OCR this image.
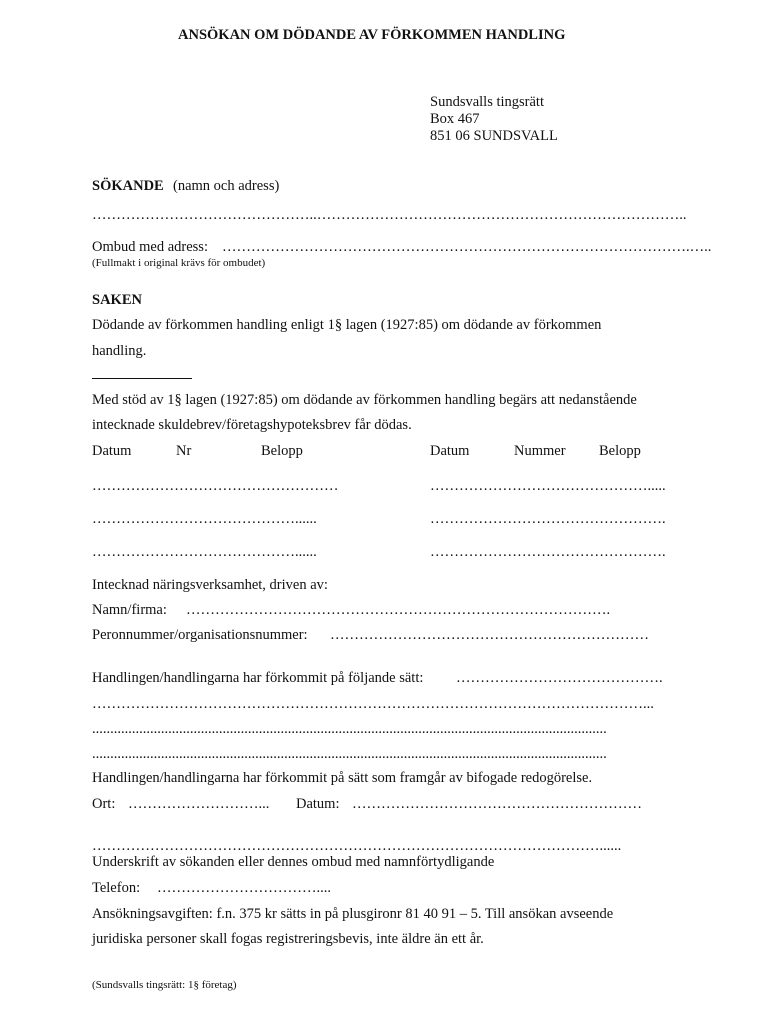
ANSÖKAN OM DÖDANDE AV FÖRKOMMEN HANDLING
Sundsvalls tingsrätt
Box 467
851 06 SUNDSVALL
SÖKANDE (namn och adress)
………………………………………..…………………………………………………………………..
Ombud med adress: …………………………………………………………………………………….…..
(Fullmakt i original krävs för ombudet)
SAKEN
Dödande av förkommen handling enligt 1§ lagen (1927:85) om dödande av förkommen
handling.
Med stöd av 1§ lagen (1927:85) om dödande av förkommen handling begärs att nedanstående
intecknade skuldebrev/företagshypoteksbrev får dödas.
Datum	Nr	Belopp	Datum	Nummer Belopp
……………………………………………	……………………………………….....
……………………………………......	………………………………………….
……………………………………......	………………………………………….
Intecknad näringsverksamhet, driven av:
Namn/firma: …………………………………………………………………………….
Peronnummer/organisationsnummer: …………………………………………………………
Handlingen/handlingarna har förkommit på följande sätt: …………………………………….
……………………………………………………………………………………………………...
..............................................................................................................................................
..............................................................................................................................................
Handlingen/handlingarna har förkommit på sätt som framgår av bifogade redogörelse.
Ort: ………………………... Datum: ……………………………………………………
……………………………………………………………………………………………......
Underskrift av sökanden eller dennes ombud med namnförtydligande
Telefon: ……………………………....
Ansökningsavgiften: f.n. 375 kr sätts in på plusgironr 81 40 91 – 5. Till ansökan avseende
juridiska personer skall fogas registreringsbevis, inte äldre än ett år.
(Sundsvalls tingsrätt: 1§ företag)
